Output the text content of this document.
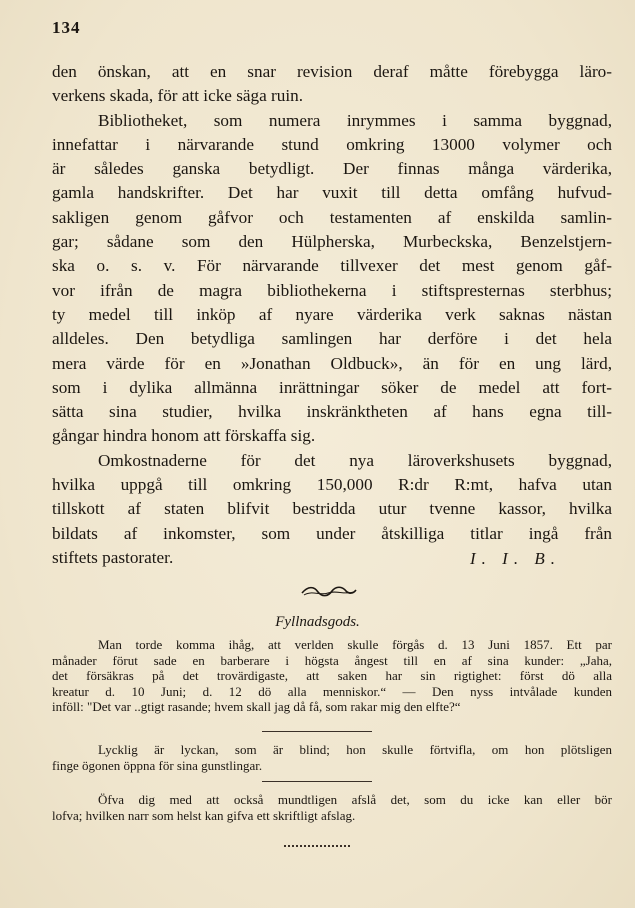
134

den önskan, att en snar revision deraf måtte förebygga läro-

verkens skada, för att icke säga ruin.

Bibliotheket, som numera inrymmes i samma byggnad,

innefattar i närvarande stund omkring 13000 volymer och

är således ganska betydligt. Der finnas många värderika,

gamla handskrifter. Det har vuxit till detta omfång hufvud-

sakligen genom gåfvor och testamenten af enskilda samlin-

gar; sådane som den Hülpherska, Murbeckska, Benzelstjern-

ska o. s. v. För närvarande tillvexer det mest genom gåf-

vor ifrån de magra bibliothekerna i stiftspresternas sterbhus;

ty medel till inköp af nyare värderika verk saknas nästan

alldeles. Den betydliga samlingen har derföre i det hela

mera värde för en »Jonathan Oldbuck», än för en ung lärd,

som i dylika allmänna inrättningar söker de medel att fort-

sätta sina studier, hvilka inskränktheten af hans egna till-

gångar hindra honom att förskaffa sig.

Omkostnaderne för det nya läroverkshusets byggnad,

hvilka uppgå till omkring 150,000 R:dr R:mt, hafva utan

tillskott af staten blifvit bestridda utur tvenne kassor, hvilka

bildats af inkomster, som under åtskilliga titlar ingå från

stiftets pastorater.	I. I. B.
Fyllnadsgods.

Man torde komma ihåg, att verlden skulle förgås d. 13 Juni 1857. Ett par

månader förut sade en barberare i högsta ångest till en af sina kunder: „Jaha,

det försäkras på det trovärdigaste, att saken har sin rigtighet: först dö alla

kreatur d. 10 Juni; d. 12 dö alla menniskor.“ — Den nyss intvålade kunden

inföll: "Det var ..gtigt rasande; hvem skall jag då få, som rakar mig den elfte?“

Lycklig är lyckan, som är blind; hon skulle förtvifla, om hon plötsligen

finge ögonen öppna för sina gunstlingar.

Öfva dig med att också mundtligen afslå det, som du icke kan eller bör

lofva; hvilken narr som helst kan gifva ett skriftligt afslag.
